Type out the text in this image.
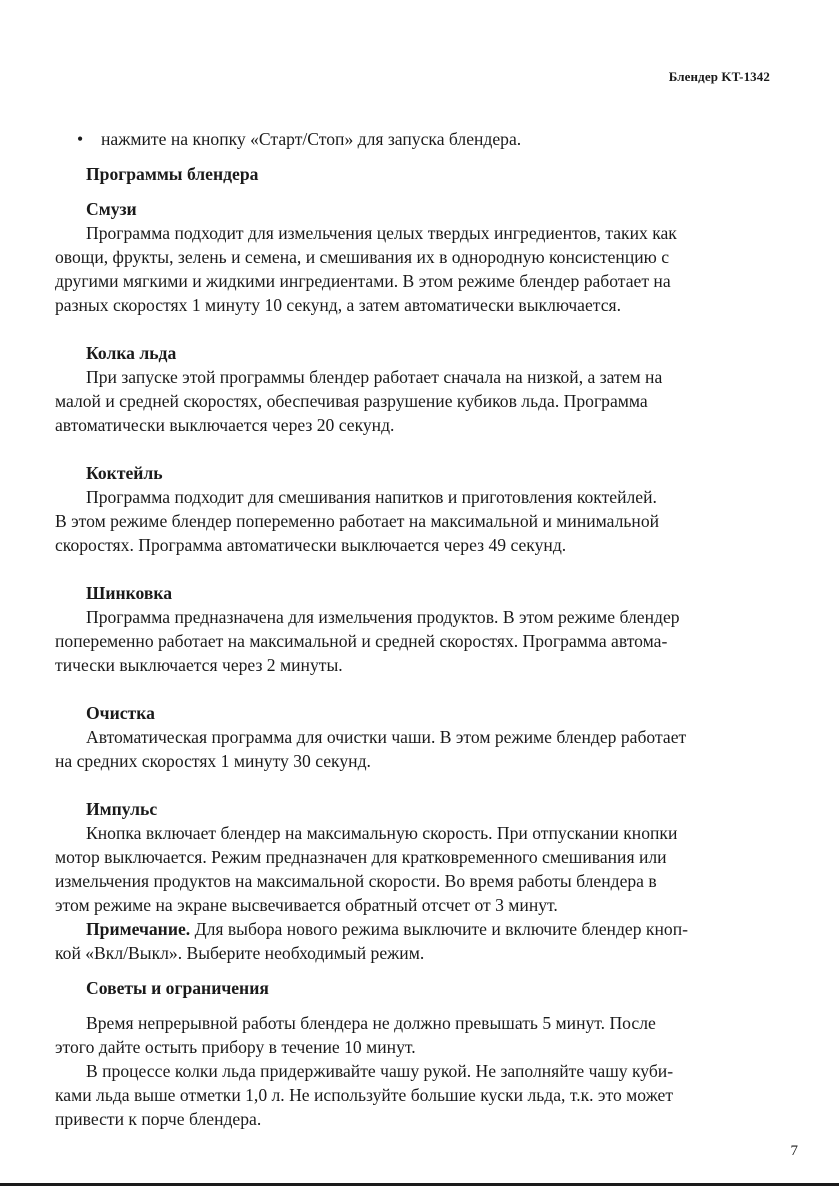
Блендер KT-1342

• нажмите на кнопку «Старт/Стоп» для запуска блендера.

Программы блендера

Смузи

Программа подходит для измельчения целых твердых ингредиентов, таких как
овощи, фрукты, зелень и семена, и смешивания их в однородную консистенцию с
другими мягкими и жидкими ингредиентами. В этом режиме блендер работает на
разных скоростях 1 минуту 10 секунд, а затем автоматически выключается.

Колка льда

При запуске этой программы блендер работает сначала на низкой, а затем на
малой и средней скоростях, обеспечивая разрушение кубиков льда. Программа
автоматически выключается через 20 секунд.

Коктейль

Программа подходит для смешивания напитков и приготовления коктейлей.
В этом режиме блендер попеременно работает на максимальной и минимальной
скоростях. Программа автоматически выключается через 49 секунд.

Шинковка

Программа предназначена для измельчения продуктов. В этом режиме блендер
попеременно работает на максимальной и средней скоростях. Программа автома-
тически выключается через 2 минуты.

Очистка

Автоматическая программа для очистки чаши. В этом режиме блендер работает
на средних скоростях 1 минуту 30 секунд.

Импульс

Кнопка включает блендер на максимальную скорость. При отпускании кнопки
мотор выключается. Режим предназначен для кратковременного смешивания или
измельчения продуктов на максимальной скорости. Во время работы блендера в
этом режиме на экране высвечивается обратный отсчет от 3 минут.

Примечание. Для выбора нового режима выключите и включите блендер кноп-
кой «Вкл/Выкл». Выберите необходимый режим.

Советы и ограничения

Время непрерывной работы блендера не должно превышать 5 минут. После
этого дайте остыть прибору в течение 10 минут.

В процессе колки льда придерживайте чашу рукой. Не заполняйте чашу куби-
ками льда выше отметки 1,0 л. Не используйте большие куски льда, т.к. это может
привести к порче блендера.

7
